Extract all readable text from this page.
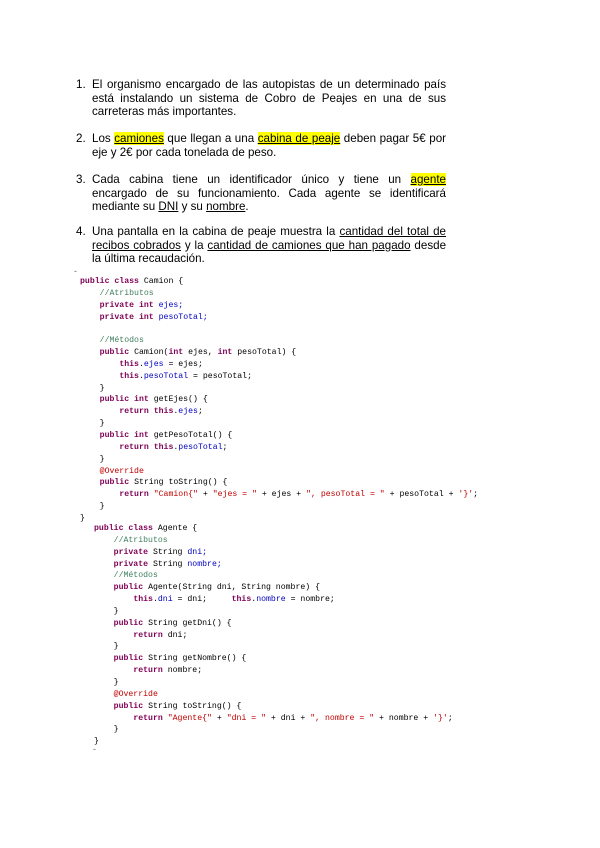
1. El organismo encargado de las autopistas de un determinado país está instalando un sistema de Cobro de Peajes en una de sus carreteras más importantes.
2. Los camiones que llegan a una cabina de peaje deben pagar 5€ por eje y 2€ por cada tonelada de peso.
3. Cada cabina tiene un identificador único y tiene un agente encargado de su funcionamiento. Cada agente se identificará mediante su DNI y su nombre.
4. Una pantalla en la cabina de peaje muestra la cantidad del total de recibos cobrados y la cantidad de camiones que han pagado desde la última recaudación.
-
public class Camion {
//Atributos
private int ejes;
private int pesoTotal;

//Métodos
public Camion(int ejes, int pesoTotal) {
this.ejes = ejes;
this.pesoTotal = pesoTotal;
}
public int getEjes() {
return this.ejes;
}
public int getPesoTotal() {
return this.pesoTotal;
}
@Override
public String toString() {
return "Camion{" + "ejes = " + ejes + ", pesoTotal = " + pesoTotal + '}';
}
}
public class Agente {
//Atributos
private String dni;
private String nombre;
//Métodos
public Agente(String dni, String nombre) {
this.dni = dni;     this.nombre = nombre;
}
public String getDni() {
return dni;
}
public String getNombre() {
return nombre;
}
@Override
public String toString() {
return "Agente{" + "dni = " + dni + ", nombre = " + nombre + '}';
}
}
-
